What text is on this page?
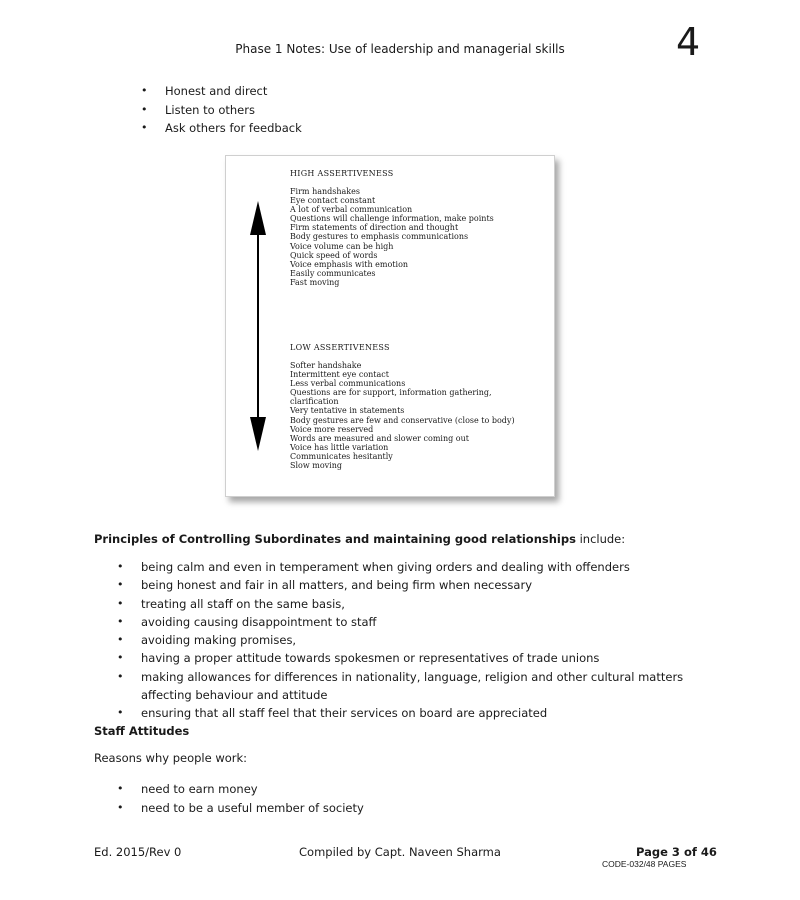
Phase 1 Notes: Use of leadership and managerial skills	4
• Honest and direct
• Listen to others
• Ask others for feedback
HIGH ASSERTIVENESS
Firm handshakes
Eye contact constant
A lot of verbal communication
Questions will challenge information, make points
Firm statements of direction and thought
Body gestures to emphasis communications
Voice volume can be high
Quick speed of words
Voice emphasis with emotion
Easily communicates
Fast moving
LOW ASSERTIVENESS
Softer handshake
Intermittent eye contact
Less verbal communications
Questions are for support, information gathering,
clarification
Very tentative in statements
Body gestures are few and conservative (close to body)
Voice more reserved
Words are measured and slower coming out
Voice has little variation
Communicates hesitantly
Slow moving
Principles of Controlling Subordinates and maintaining good relationships include:
• being calm and even in temperament when giving orders and dealing with offenders
• being honest and fair in all matters, and being firm when necessary
• treating all staff on the same basis,
• avoiding causing disappointment to staff
• avoiding making promises,
• having a proper attitude towards spokesmen or representatives of trade unions
• making allowances for differences in nationality, language, religion and other cultural matters affecting behaviour and attitude
• ensuring that all staff feel that their services on board are appreciated
Staff Attitudes
Reasons why people work:
• need to earn money
• need to be a useful member of society
Ed. 2015/Rev 0	Compiled by Capt. Naveen Sharma	Page 3 of 46
CODE-032/48 PAGES
